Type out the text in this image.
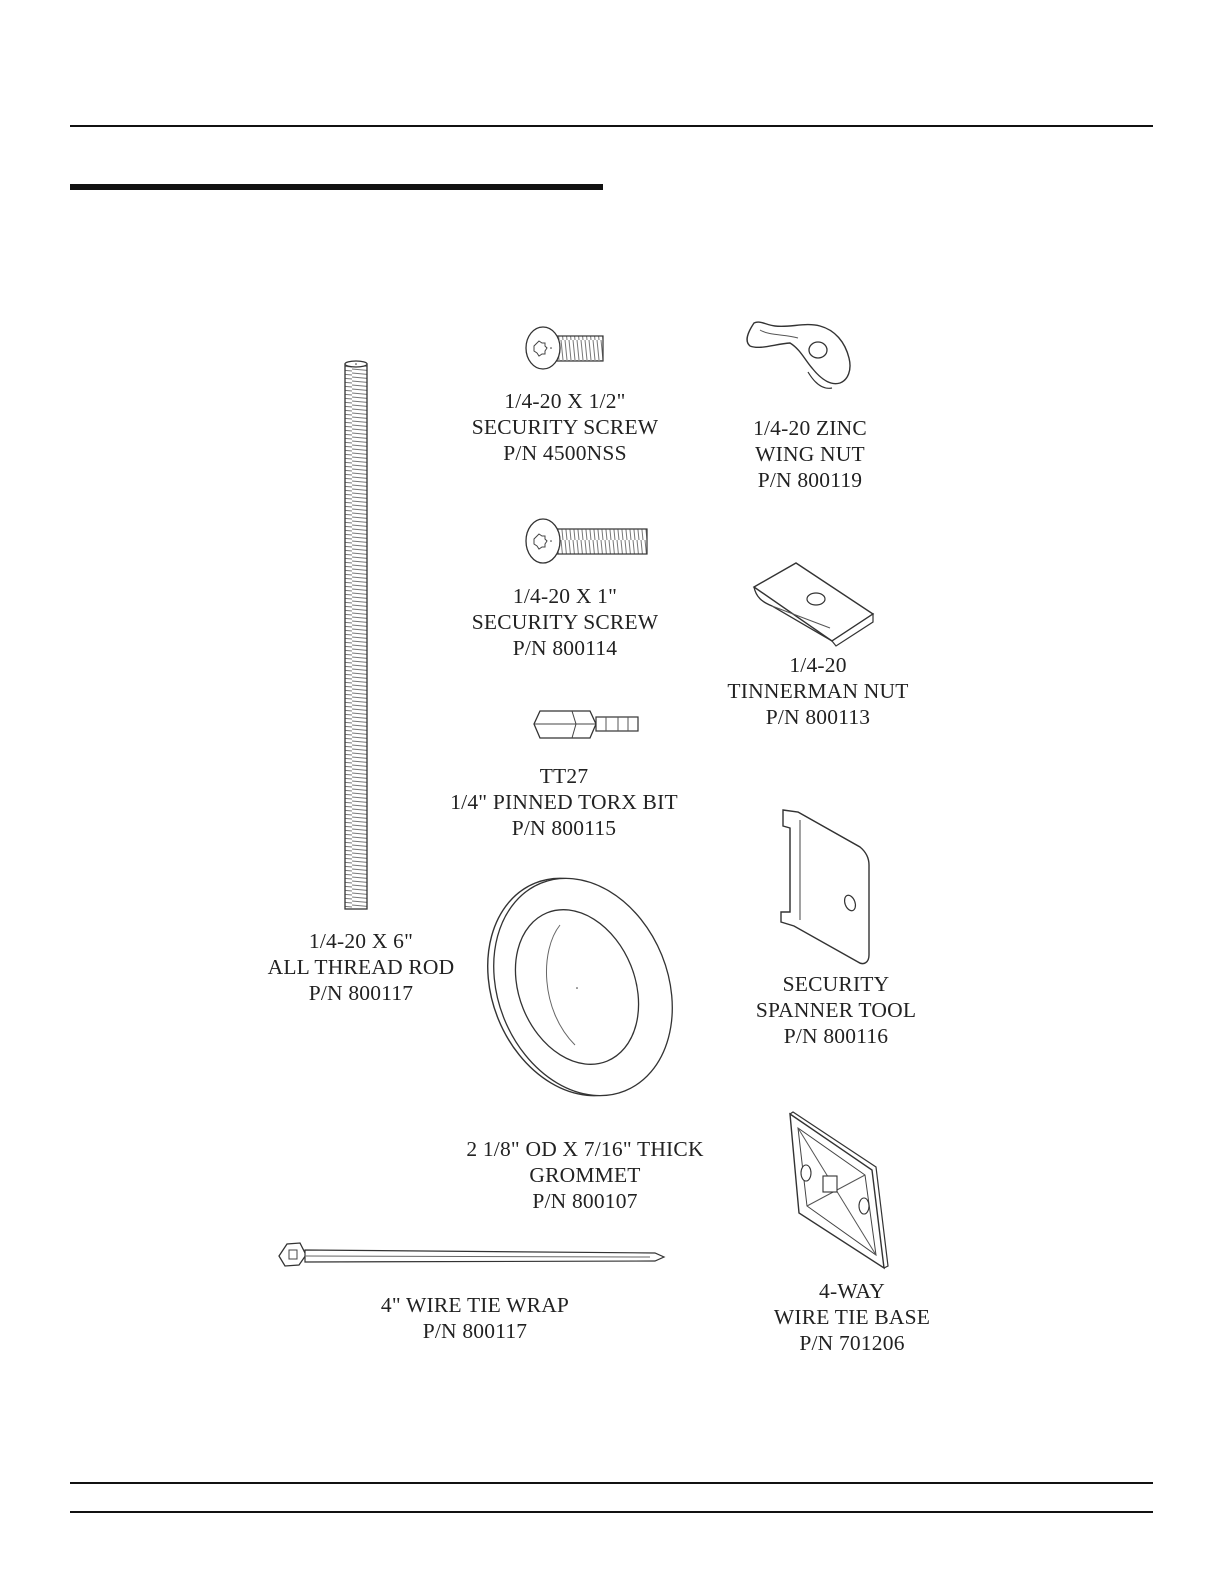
1/4-20 X 6"
ALL THREAD ROD
P/N 800117
1/4-20 X 1/2"
SECURITY SCREW
P/N 4500NSS
1/4-20 ZINC
WING NUT
P/N 800119
1/4-20 X 1"
SECURITY SCREW
P/N 800114
1/4-20
TINNERMAN NUT
P/N 800113
TT27
1/4" PINNED TORX BIT
P/N 800115
SECURITY
SPANNER TOOL
P/N 800116
2 1/8" OD X 7/16" THICK
GROMMET
P/N 800107
4" WIRE TIE WRAP
P/N 800117
4-WAY
WIRE TIE BASE
P/N 701206
